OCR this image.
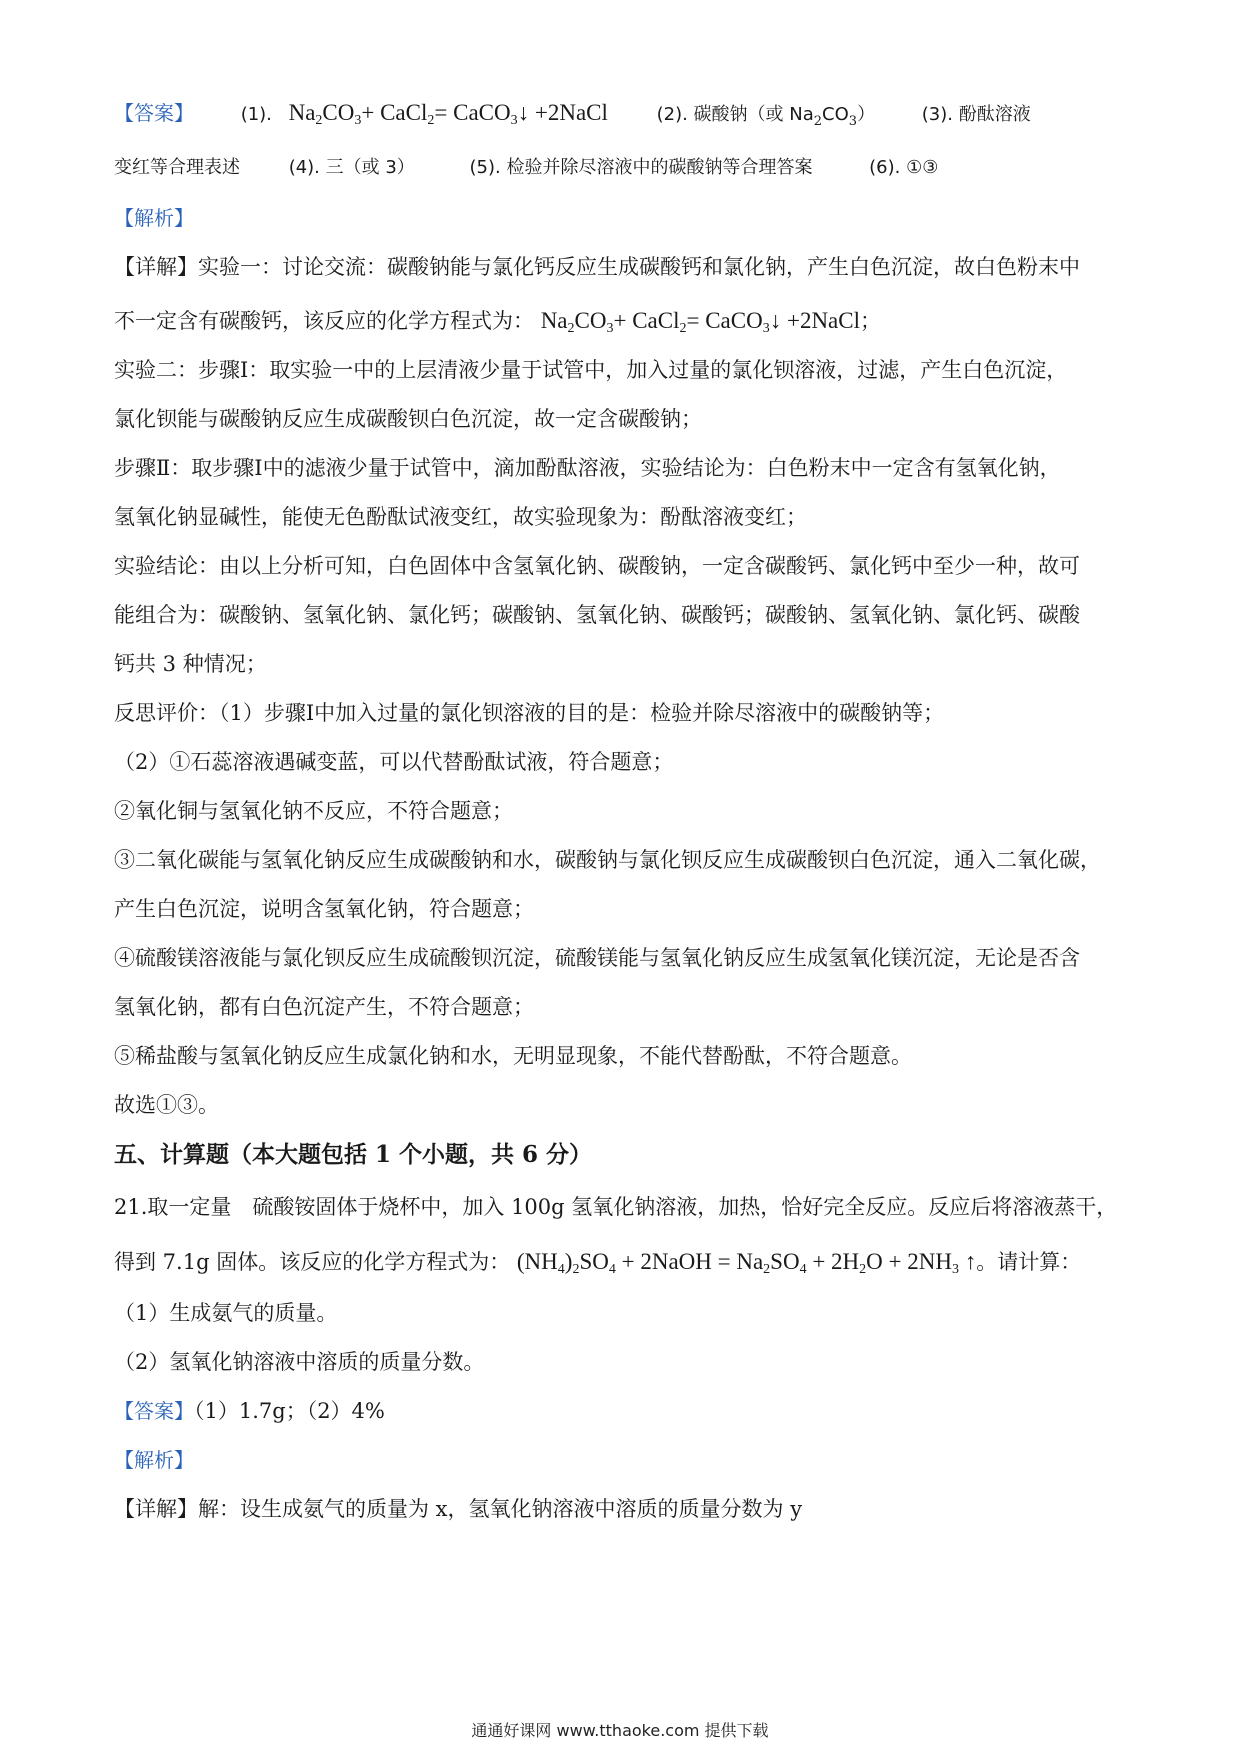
【答案】	(1). $Na_2CO_3+$ CaCl$_2$= CaCO$_3$↓ +2NaCl	(2). 碳酸钠（或 $Na_2CO_3$）	(3). 酚酞溶液
变红等合理表述	(4). 三（或 3）	(5). 检验并除尽溶液中的碳酸钠等合理答案	(6). ①③
【解析】
【详解】实验一：讨论交流：碳酸钠能与氯化钙反应生成碳酸钙和氯化钠，产生白色沉淀，故白色粉末中
不一定含有碳酸钙，该反应的化学方程式为： $Na_2CO_3+$ CaCl$_2$= CaCO$_3$↓ +2NaCl；
实验二：步骤Ⅰ：取实验一中的上层清液少量于试管中，加入过量的氯化钡溶液，过滤，产生白色沉淀，
氯化钡能与碳酸钠反应生成碳酸钡白色沉淀，故一定含碳酸钠；
步骤Ⅱ：取步骤Ⅰ中的滤液少量于试管中，滴加酚酞溶液，实验结论为：白色粉末中一定含有氢氧化钠，
氢氧化钠显碱性，能使无色酚酞试液变红，故实验现象为：酚酞溶液变红；
实验结论：由以上分析可知，白色固体中含氢氧化钠、碳酸钠，一定含碳酸钙、氯化钙中至少一种，故可
能组合为：碳酸钠、氢氧化钠、氯化钙；碳酸钠、氢氧化钠、碳酸钙；碳酸钠、氢氧化钠、氯化钙、碳酸
钙共 3 种情况；
反思评价：（1）步骤Ⅰ中加入过量的氯化钡溶液的目的是：检验并除尽溶液中的碳酸钠等；
（2）①石蕊溶液遇碱变蓝，可以代替酚酞试液，符合题意；
②氧化铜与氢氧化钠不反应，不符合题意；
③二氧化碳能与氢氧化钠反应生成碳酸钠和水，碳酸钠与氯化钡反应生成碳酸钡白色沉淀，通入二氧化碳，
产生白色沉淀，说明含氢氧化钠，符合题意；
④硫酸镁溶液能与氯化钡反应生成硫酸钡沉淀，硫酸镁能与氢氧化钠反应生成氢氧化镁沉淀，无论是否含
氢氧化钠，都有白色沉淀产生，不符合题意；
⑤稀盐酸与氢氧化钠反应生成氯化钠和水，无明显现象，不能代替酚酞，不符合题意。
故选①③。
五、计算题（本大题包括 1 个小题，共 6 分）
21.取一定量　硫酸铵固体于烧杯中，加入 100g 氢氧化钠溶液，加热，恰好完全反应。反应后将溶液蒸干，
得到 7.1g 固体。该反应的化学方程式为： $(NH_4)_2SO_4$ + 2NaOH = $Na_2SO_4 + 2H_2O + 2NH_3$ ↑。请计算：
（1）生成氨气的质量。
（2）氢氧化钠溶液中溶质的质量分数。
【答案】（1）1.7g；（2）4%
【解析】
【详解】解：设生成氨气的质量为 x，氢氧化钠溶液中溶质的质量分数为 y
通通好课网 www.tthaoke.com 提供下载
